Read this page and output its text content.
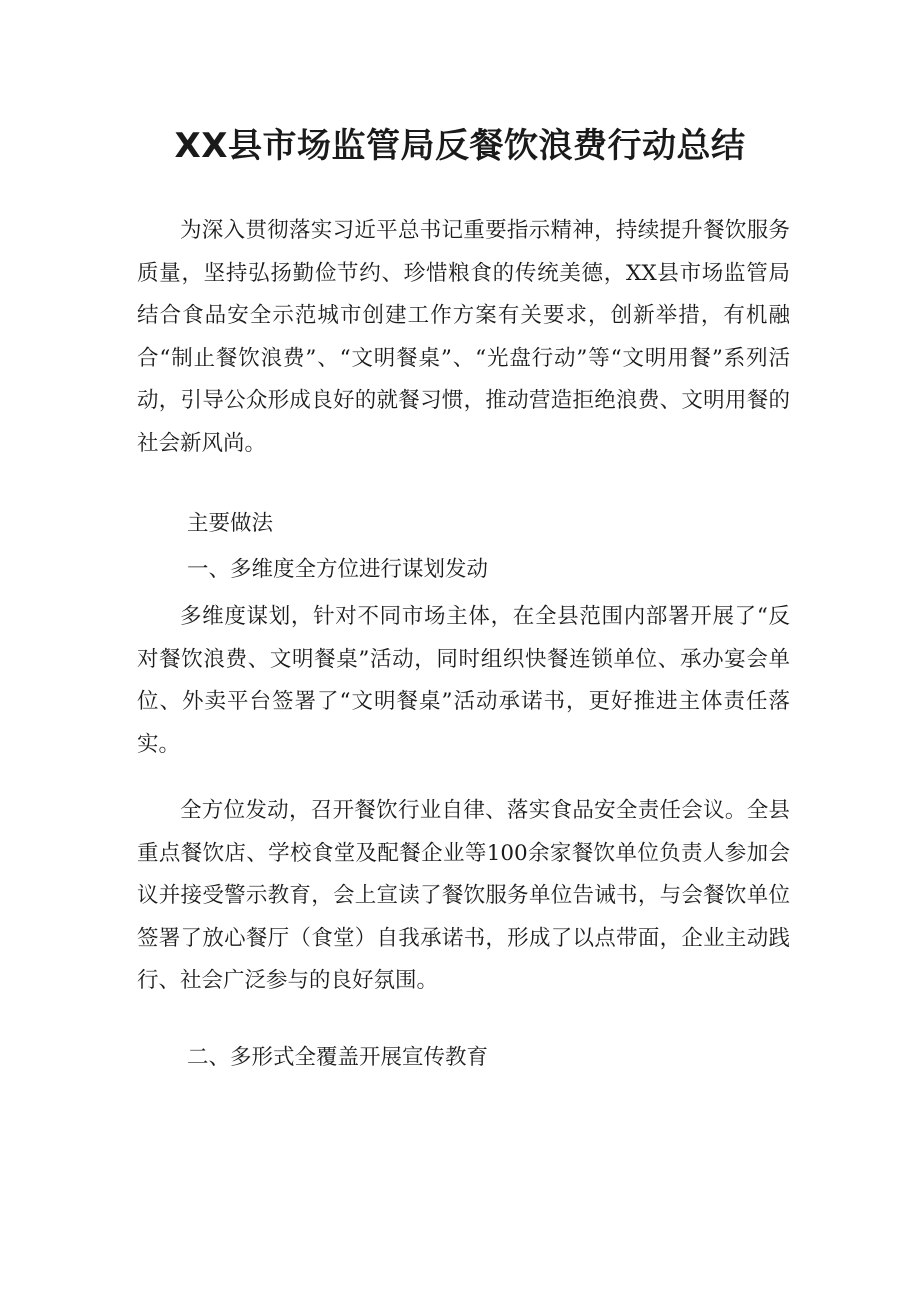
XX县市场监管局反餐饮浪费行动总结

为深入贯彻落实习近平总书记重要指示精神，持续提升餐饮服务质量，坚持弘扬勤俭节约、珍惜粮食的传统美德，XX县市场监管局结合食品安全示范城市创建工作方案有关要求，创新举措，有机融合“制止餐饮浪费”、“文明餐桌”、“光盘行动”等“文明用餐”系列活动，引导公众形成良好的就餐习惯，推动营造拒绝浪费、文明用餐的社会新风尚。

主要做法

一、多维度全方位进行谋划发动

多维度谋划，针对不同市场主体，在全县范围内部署开展了“反对餐饮浪费、文明餐桌”活动，同时组织快餐连锁单位、承办宴会单位、外卖平台签署了“文明餐桌”活动承诺书，更好推进主体责任落实。

全方位发动，召开餐饮行业自律、落实食品安全责任会议。全县重点餐饮店、学校食堂及配餐企业等100余家餐饮单位负责人参加会议并接受警示教育，会上宣读了餐饮服务单位告诫书，与会餐饮单位签署了放心餐厅（食堂）自我承诺书，形成了以点带面，企业主动践行、社会广泛参与的良好氛围。

二、多形式全覆盖开展宣传教育
